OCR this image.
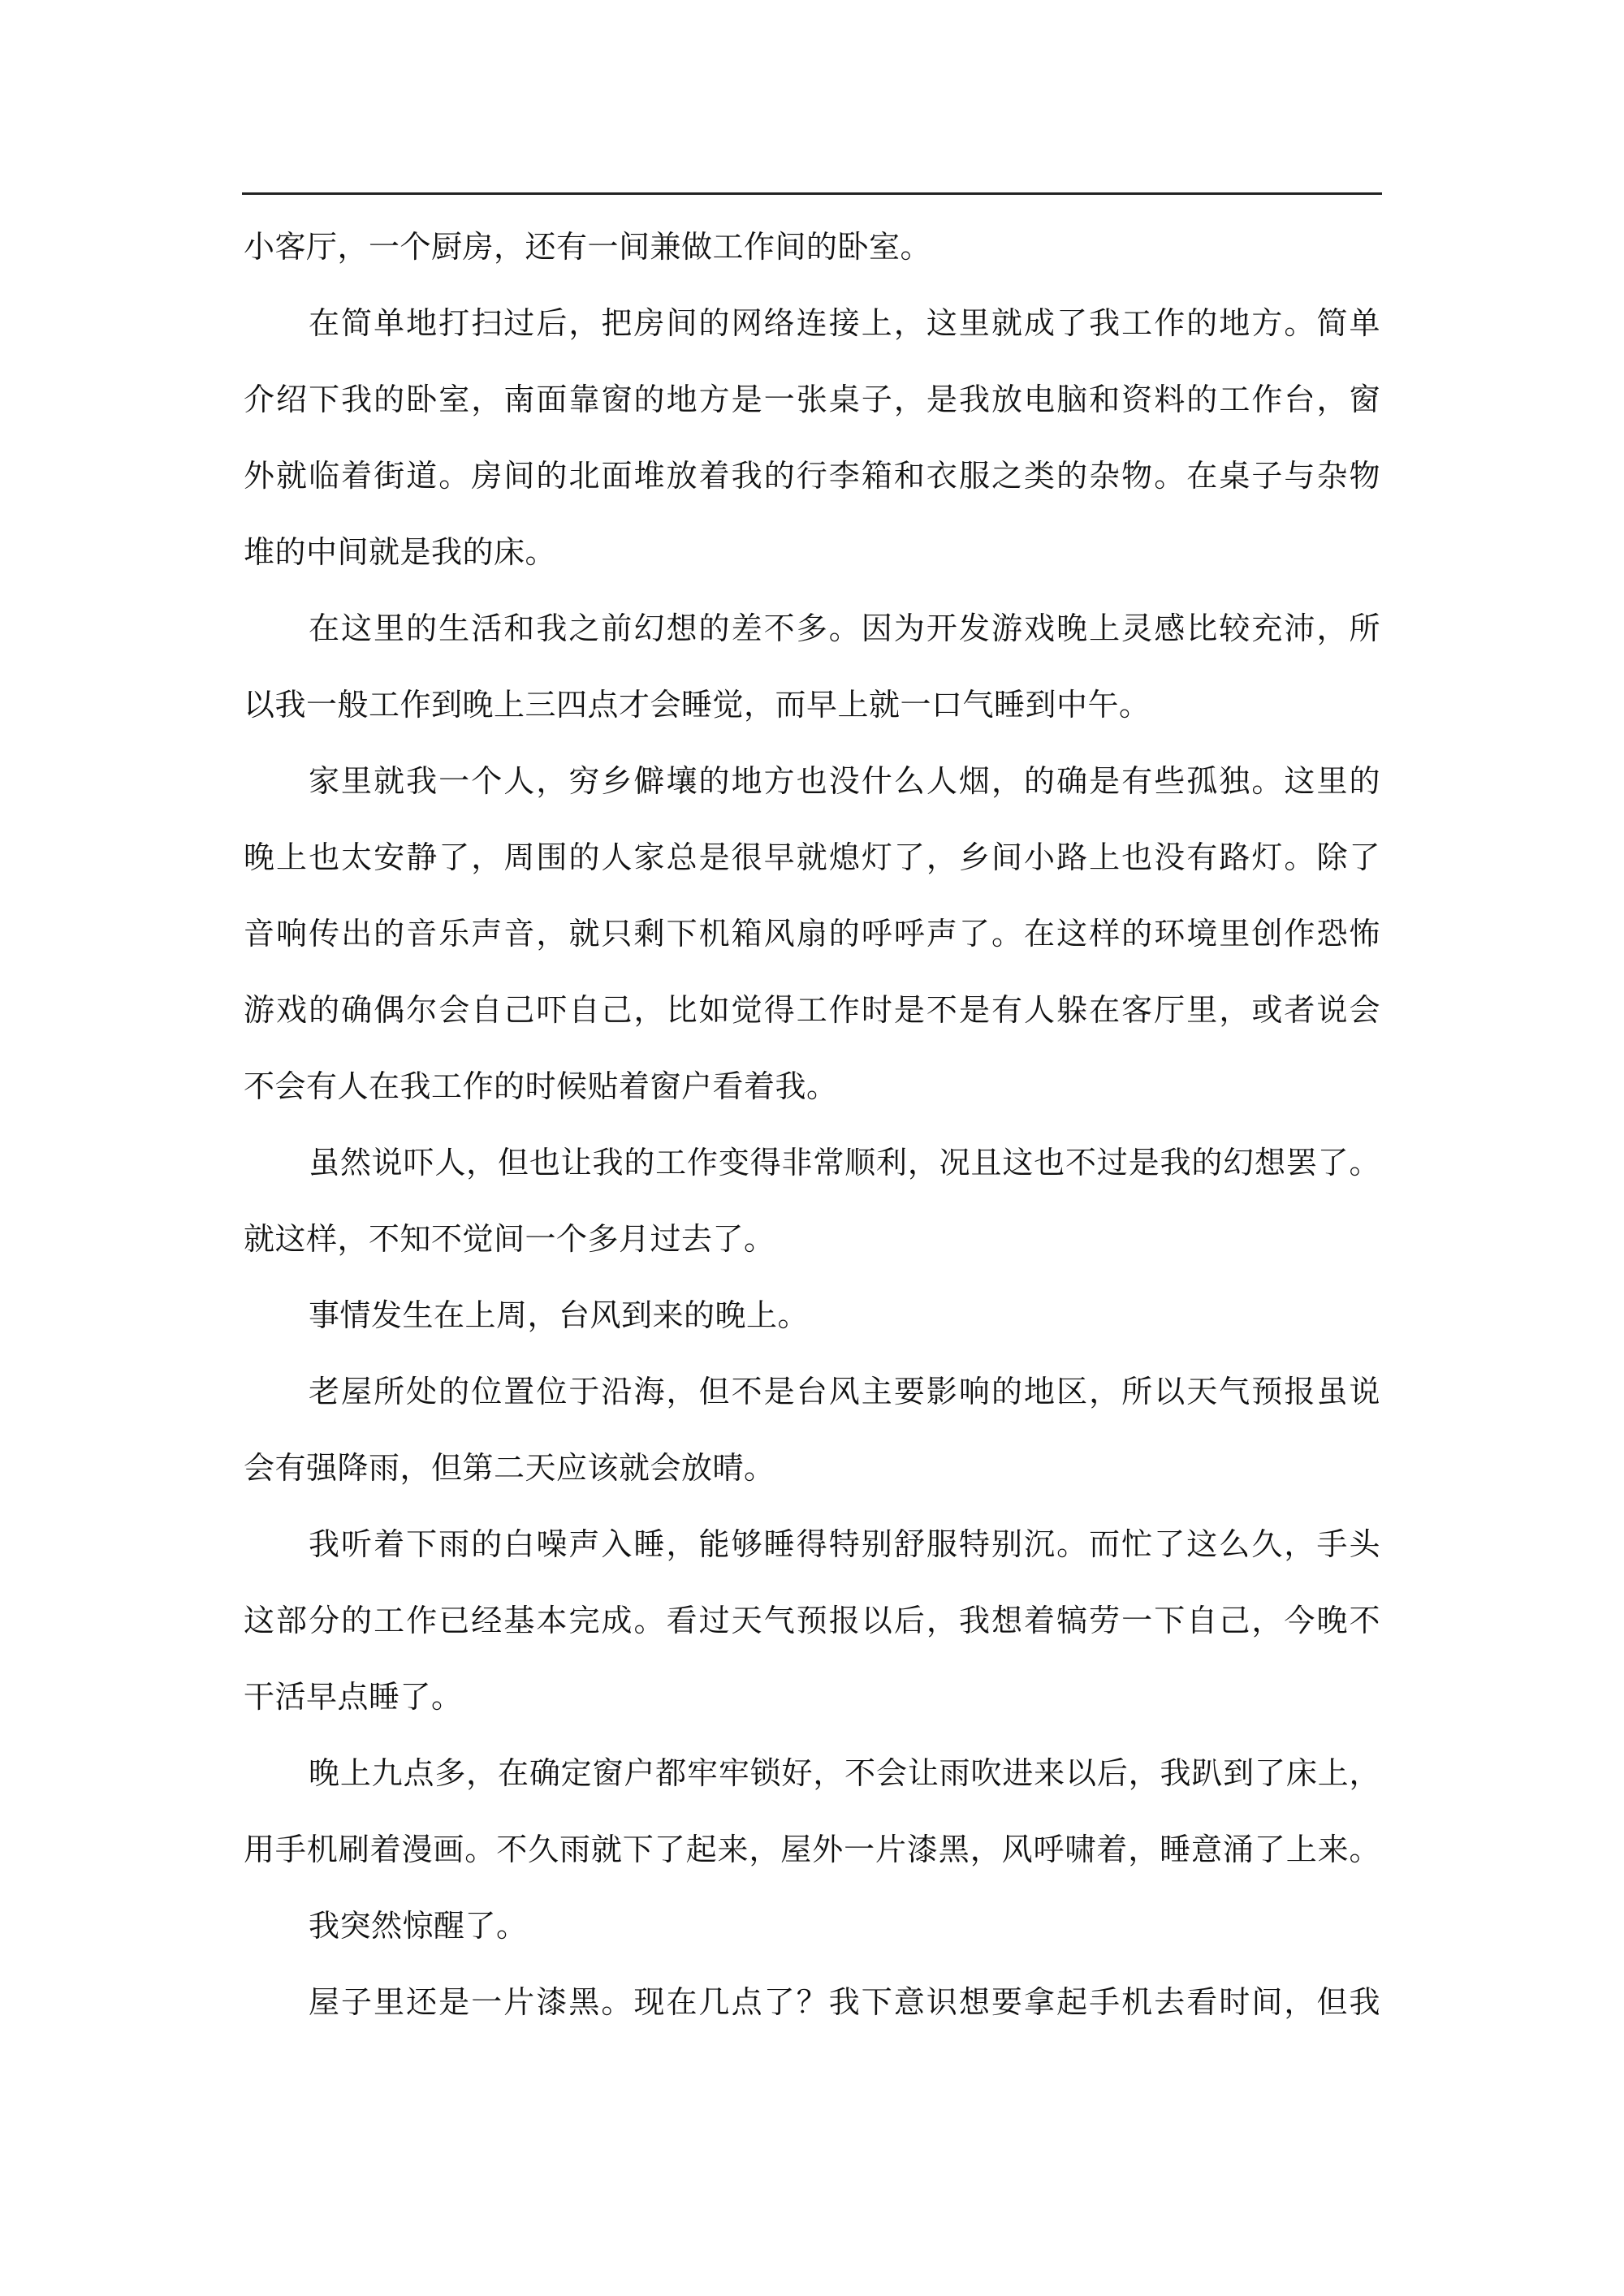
小客厅，一个厨房，还有一间兼做工作间的卧室。
在简单地打扫过后，把房间的网络连接上，这里就成了我工作的地方。简单
介绍下我的卧室，南面靠窗的地方是一张桌子，是我放电脑和资料的工作台，窗
外就临着街道。房间的北面堆放着我的行李箱和衣服之类的杂物。在桌子与杂物
堆的中间就是我的床。
在这里的生活和我之前幻想的差不多。因为开发游戏晚上灵感比较充沛，所
以我一般工作到晚上三四点才会睡觉，而早上就一口气睡到中午。
家里就我一个人，穷乡僻壤的地方也没什么人烟，的确是有些孤独。这里的
晚上也太安静了，周围的人家总是很早就熄灯了，乡间小路上也没有路灯。除了
音响传出的音乐声音，就只剩下机箱风扇的呼呼声了。在这样的环境里创作恐怖
游戏的确偶尔会自己吓自己，比如觉得工作时是不是有人躲在客厅里，或者说会
不会有人在我工作的时候贴着窗户看着我。
虽然说吓人，但也让我的工作变得非常顺利，况且这也不过是我的幻想罢了。
就这样，不知不觉间一个多月过去了。
事情发生在上周，台风到来的晚上。
老屋所处的位置位于沿海，但不是台风主要影响的地区，所以天气预报虽说
会有强降雨，但第二天应该就会放晴。
我听着下雨的白噪声入睡，能够睡得特别舒服特别沉。而忙了这么久，手头
这部分的工作已经基本完成。看过天气预报以后，我想着犒劳一下自己，今晚不
干活早点睡了。
晚上九点多，在确定窗户都牢牢锁好，不会让雨吹进来以后，我趴到了床上，
用手机刷着漫画。不久雨就下了起来，屋外一片漆黑，风呼啸着，睡意涌了上来。
我突然惊醒了。
屋子里还是一片漆黑。现在几点了？我下意识想要拿起手机去看时间，但我
